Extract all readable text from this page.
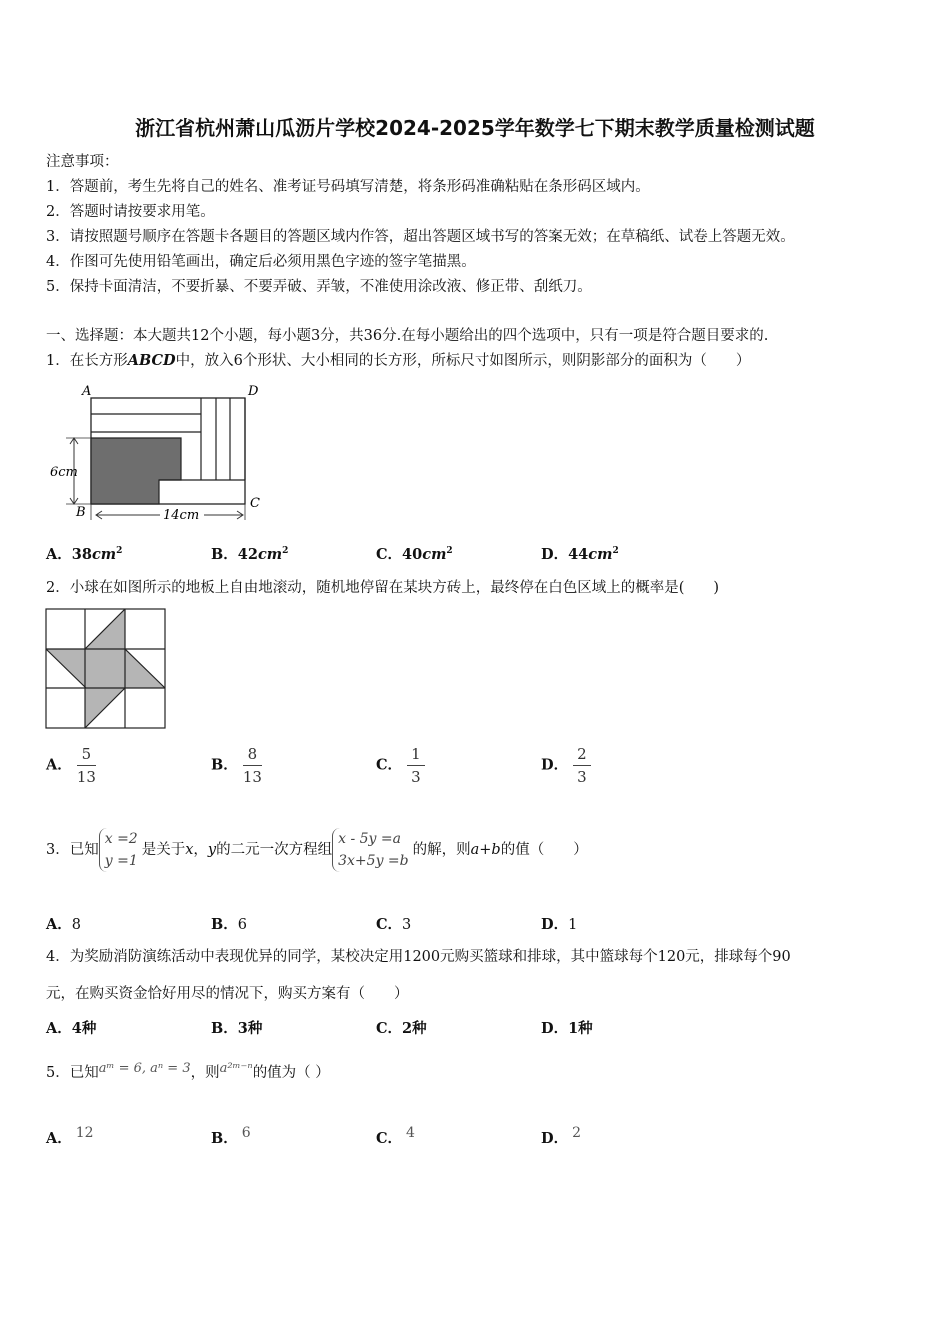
浙江省杭州萧山瓜沥片学校2024-2025学年数学七下期末教学质量检测试题
注意事项：
1．答题前，考生先将自己的姓名、准考证号码填写清楚，将条形码准确粘贴在条形码区域内。
2．答题时请按要求用笔。
3．请按照题号顺序在答题卡各题目的答题区域内作答，超出答题区域书写的答案无效；在草稿纸、试卷上答题无效。
4．作图可先使用铅笔画出，确定后必须用黑色字迹的签字笔描黑。
5．保持卡面清洁，不要折暴、不要弄破、弄皱，不准使用涂改液、修正带、刮纸刀。
一、选择题：本大题共12个小题，每小题3分，共36分.在每小题给出的四个选项中，只有一项是符合题目要求的.
1．在长方形ABCD中，放入6个形状、大小相同的长方形，所标尺寸如图所示，则阴影部分的面积为（　　）
A	D
B
C
6cm
14cm
A．$38cm^2$	B．$42cm^2$	C．$40cm^2$	D．$44cm^2$
2．小球在如图所示的地板上自由地滚动，随机地停留在某块方砖上，最终停在白色区域上的概率是(　　)
A． $\frac{5}{13}$	B． $\frac{8}{13}$	C． $\frac{1}{3}$	D． $\frac{2}{3}$
3．已知
x =2
y =1
是关于x，y的二元一次方程组
x - 5y =a
3x+5y =b
的解，则a+b的值（　　）
A．8	B．6	C．3	D．1
4．为奖励消防演练活动中表现优异的同学，某校决定用1200元购买篮球和排球，其中篮球每个120元，排球每个90
元，在购买资金恰好用尽的情况下，购买方案有（　　）
A．4种	B．3种	C．2种	D．1种
5．已知aᵐ = 6, aⁿ = 3，则a²ᵐ⁻ⁿ的值为（ ）
A． 12	B． 6	C． 4	D． 2
